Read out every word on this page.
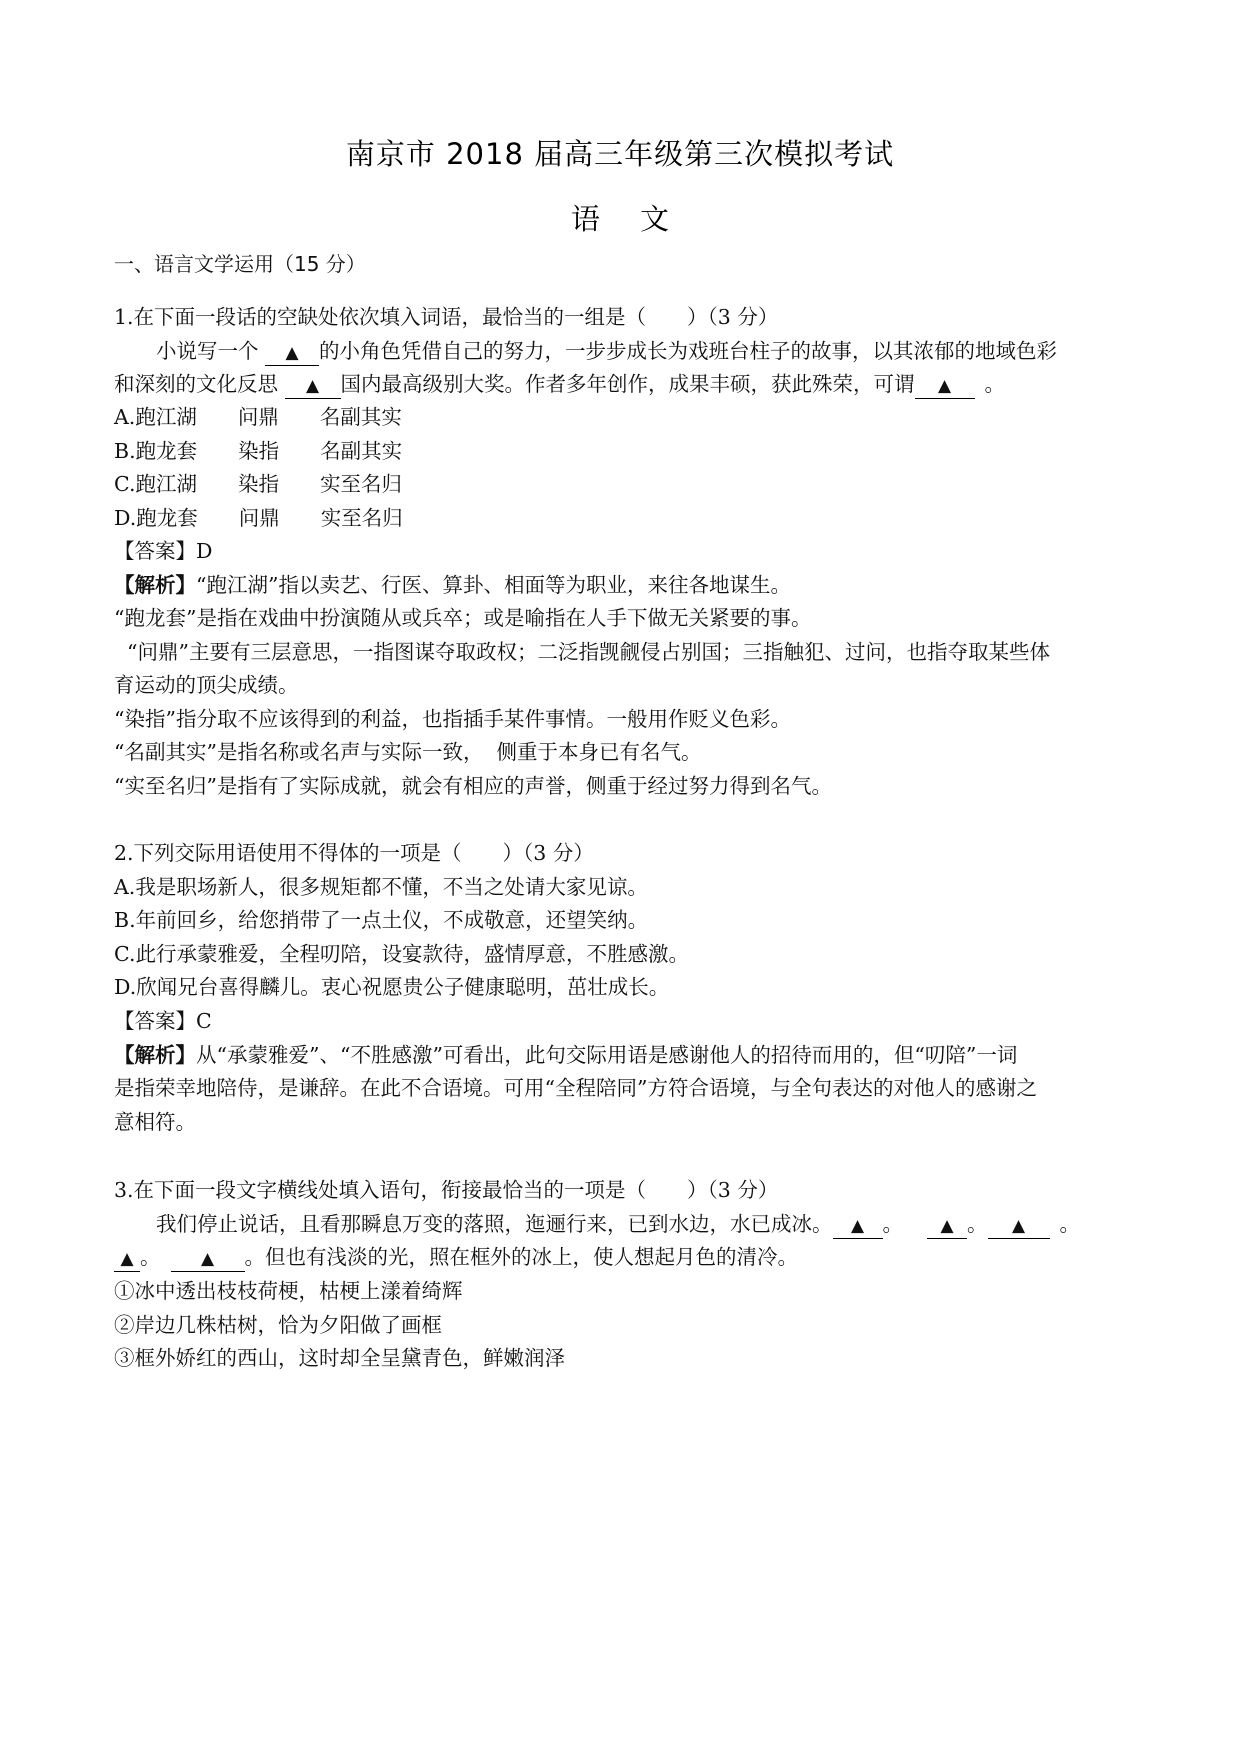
南京市 2018 届高三年级第三次模拟考试
语文
一、语言文学运用（15 分）
1.在下面一段话的空缺处依次填入词语，最恰当的一组是（　　）（3 分）
小说写一个 ▲ 的小角色凭借自己的努力，一步步成长为戏班台柱子的故事，以其浓郁的地域色彩
和深刻的文化反思 ▲ 国内最高级别大奖。作者多年创作，成果丰硕，获此殊荣，可谓 ▲ 。
A.跑江湖　　问鼎　　名副其实
B.跑龙套　　染指　　名副其实
C.跑江湖　　染指　　实至名归
D.跑龙套　　问鼎　　实至名归
【答案】D
【解析】“跑江湖”指以卖艺、行医、算卦、相面等为职业，来往各地谋生。
“跑龙套”是指在戏曲中扮演随从或兵卒；或是喻指在人手下做无关紧要的事。
“问鼎”主要有三层意思，一指图谋夺取政权；二泛指觊觎侵占别国；三指触犯、过问，也指夺取某些体
育运动的顶尖成绩。
“染指”指分取不应该得到的利益，也指插手某件事情。一般用作贬义色彩。
“名副其实”是指名称或名声与实际一致，  侧重于本身已有名气。
“实至名归”是指有了实际成就，就会有相应的声誉，侧重于经过努力得到名气。
2.下列交际用语使用不得体的一项是（　　）（3 分）
A.我是职场新人，很多规矩都不懂，不当之处请大家见谅。
B.年前回乡，给您捎带了一点土仪，不成敬意，还望笑纳。
C.此行承蒙雅爱，全程叨陪，设宴款待，盛情厚意，不胜感激。
D.欣闻兄台喜得麟儿。衷心祝愿贵公子健康聪明，茁壮成长。
【答案】C
【解析】从“承蒙雅爱”、“不胜感激”可看出，此句交际用语是感谢他人的招待而用的，但“叨陪”一词
是指荣幸地陪侍，是谦辞。在此不合语境。可用“全程陪同”方符合语境，与全句表达的对他人的感谢之
意相符。
3.在下面一段文字横线处填入语句，衔接最恰当的一项是（　　）（3 分）
我们停止说话，且看那瞬息万变的落照，迤逦行来，已到水边，水已成冰。 ▲ 。 ▲ 。 ▲ 。
▲ 。 ▲ 。但也有浅淡的光，照在框外的冰上，使人想起月色的清冷。
①冰中透出枝枝荷梗，枯梗上漾着绮辉
②岸边几株枯树，恰为夕阳做了画框
③框外娇红的西山，这时却全呈黛青色，鲜嫩润泽
